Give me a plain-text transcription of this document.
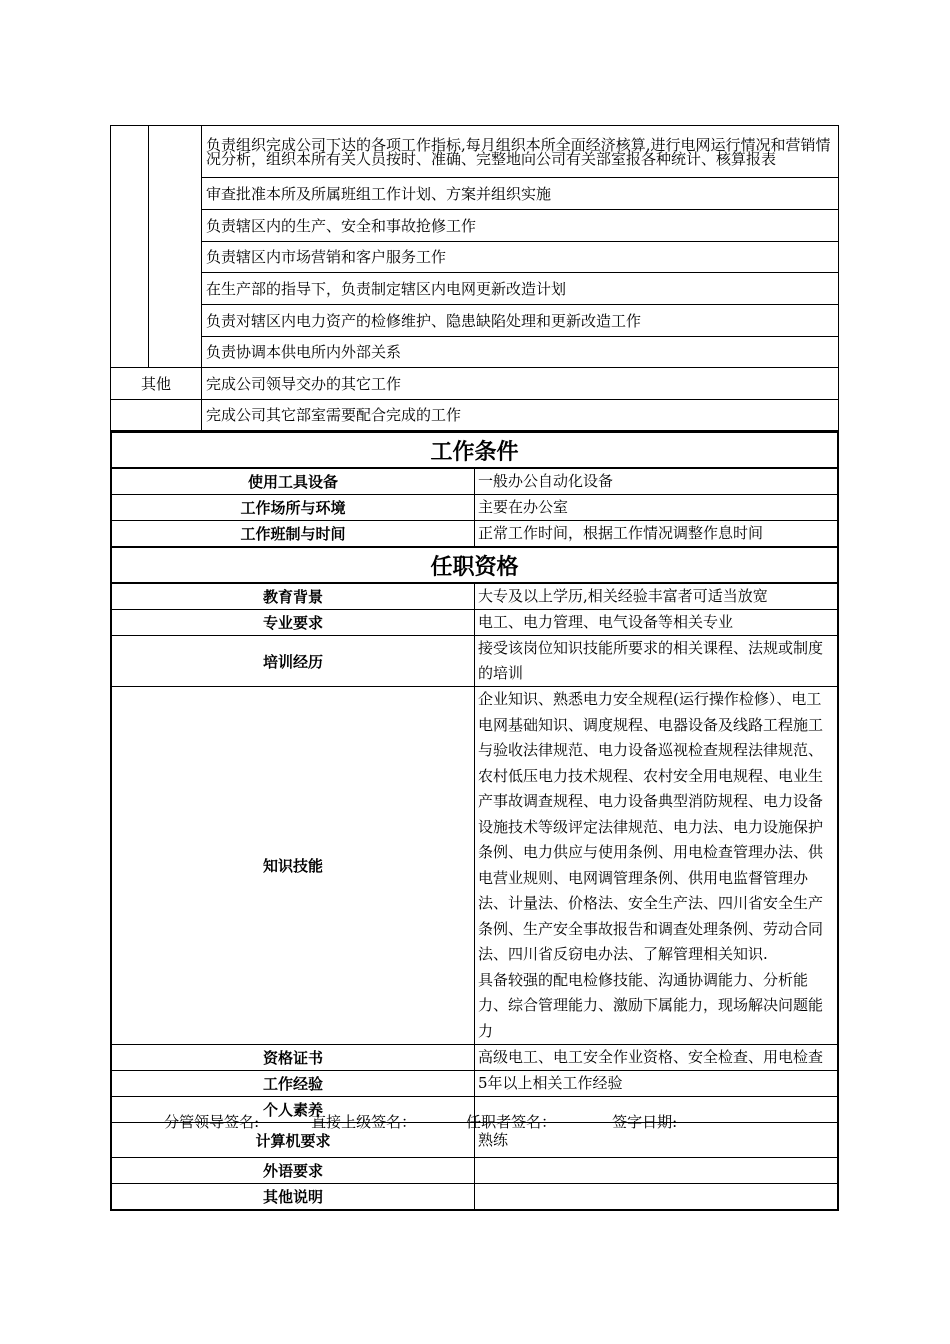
		负责组织完成公司下达的各项工作指标,每月组织本所全面经济核算,进行电网运行情况和营销情况分析，组织本所有关人员按时、准确、完整地向公司有关部室报各种统计、核算报表
		审查批准本所及所属班组工作计划、方案并组织实施
		负责辖区内的生产、安全和事故抢修工作
		负责辖区内市场营销和客户服务工作
		在生产部的指导下，负责制定辖区内电网更新改造计划
		负责对辖区内电力资产的检修维护、隐患缺陷处理和更新改造工作
		负责协调本供电所内外部关系
其他		完成公司领导交办的其它工作
		完成公司其它部室需要配合完成的工作
工作条件	
使用工具设备	一般办公自动化设备
工作场所与环境	主要在办公室
工作班制与时间	正常工作时间，根据工作情况调整作息时间
任职资格	
教育背景	大专及以上学历,相关经验丰富者可适当放宽
专业要求	电工、电力管理、电气设备等相关专业
培训经历	接受该岗位知识技能所要求的相关课程、法规或制度的培训
知识技能	企业知识、熟悉电力安全规程(运行操作检修）、电工电网基础知识、调度规程、电器设备及线路工程施工与验收法律规范、电力设备巡视检查规程法律规范、农村低压电力技术规程、农村安全用电规程、电业生产事故调查规程、电力设备典型消防规程、电力设备设施技术等级评定法律规范、电力法、电力设施保护条例、电力供应与使用条例、用电检查管理办法、供电营业规则、电网调管理条例、供用电监督管理办法、计量法、价格法、安全生产法、四川省安全生产条例、生产安全事故报告和调查处理条例、劳动合同法、四川省反窃电办法、了解管理相关知识.
具备较强的配电检修技能、沟通协调能力、分析能力、综合管理能力、激励下属能力，现场解决问题能力

资格证书	高级电工、电工安全作业资格、安全检查、用电检查
工作经验	5年以上相关工作经验
个人素养	
计算机要求	熟练
外语要求	
其他说明	

分管领导签名:	直接上级签名：	任职者签名：	签字日期:
